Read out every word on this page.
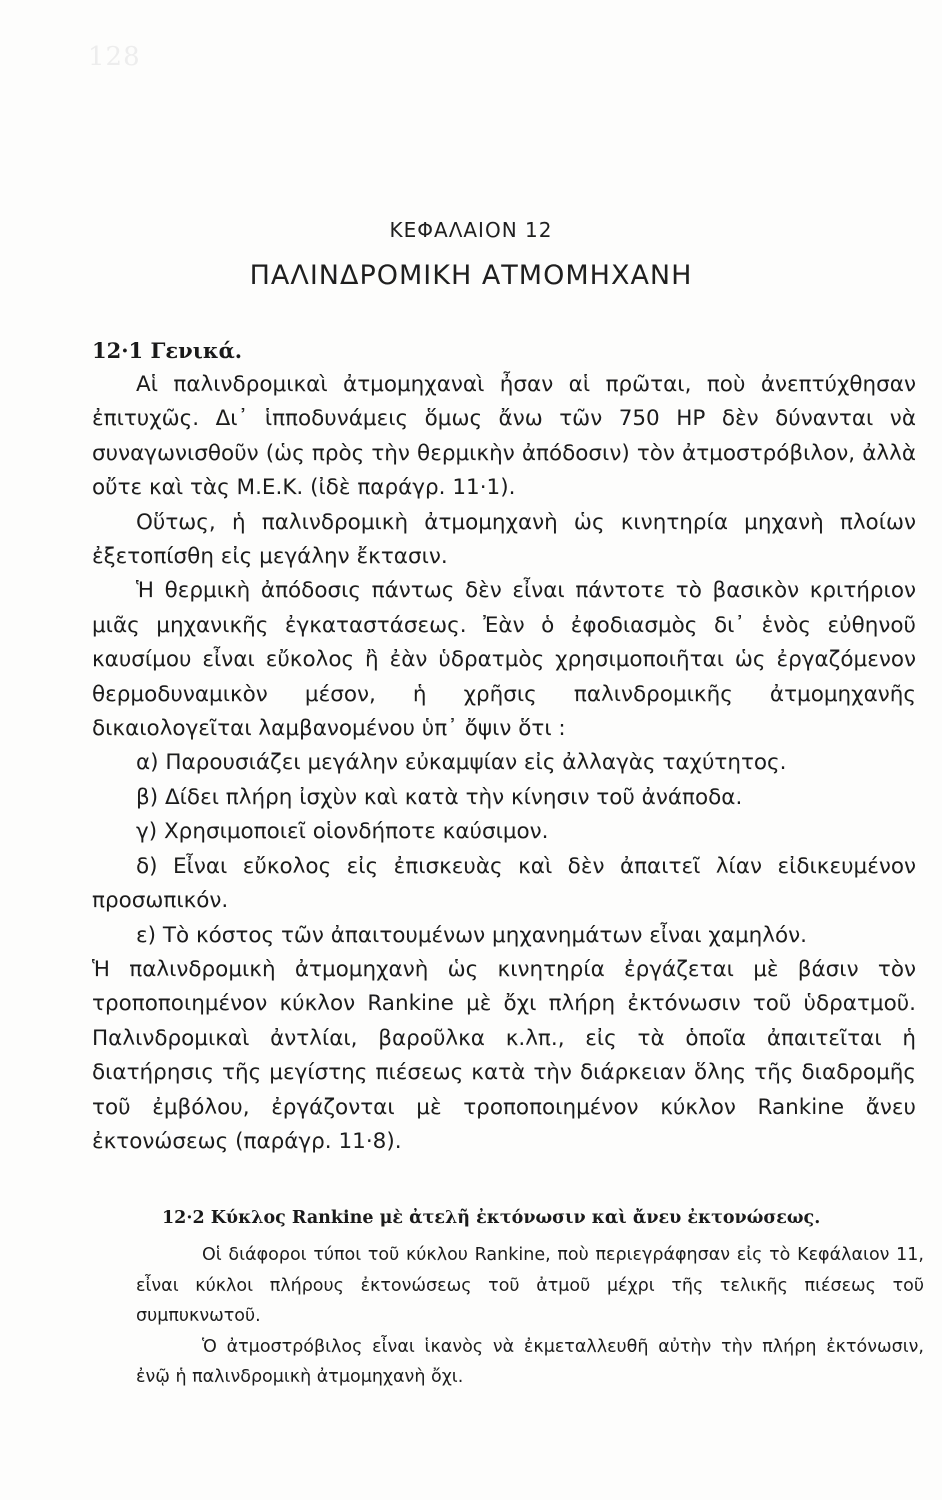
128
ΚΕΦΑΛΑΙΟΝ 12
ΠΑΛΙΝΔΡΟΜΙΚΗ ΑΤΜΟΜΗΧΑΝΗ
12·1 Γενικά.

Αἱ παλινδρομικαὶ ἀτμομηχαναὶ ἦσαν αἱ πρῶται, ποὺ ἀνεπτύχθησαν ἐπιτυχῶς. Δι᾽ ἱπποδυνάμεις ὅμως ἄνω τῶν 750 HP δὲν δύνανται νὰ συναγωνισθοῦν (ὡς πρὸς τὴν θερμικὴν ἀπόδοσιν) τὸν ἀτμοστρόβιλον, ἀλλὰ οὔτε καὶ τὰς Μ.Ε.Κ. (ἰδὲ παράγρ. 11·1).

Οὕτως, ἡ παλινδρομικὴ ἀτμομηχανὴ ὡς κινητηρία μηχανὴ πλοίων ἐξετοπίσθη εἰς μεγάλην ἔκτασιν.

Ἡ θερμικὴ ἀπόδοσις πάντως δὲν εἶναι πάντοτε τὸ βασικὸν κριτήριον μιᾶς μηχανικῆς ἐγκαταστάσεως. Ἐὰν ὁ ἐφοδιασμὸς δι᾽ ἑνὸς εὐθηνοῦ καυσίμου εἶναι εὔκολος ἢ ἐὰν ὑδρατμὸς χρησιμοποιῆται ὡς ἐργαζόμενον θερμοδυναμικὸν μέσον, ἡ χρῆσις παλινδρομικῆς ἀτμομηχανῆς δικαιολογεῖται λαμβανομένου ὑπ᾽ ὄψιν ὅτι :

α) Παρουσιάζει μεγάλην εὐκαμψίαν εἰς ἀλλαγὰς ταχύτητος.

β) Δίδει πλήρη ἰσχὺν καὶ κατὰ τὴν κίνησιν τοῦ ἀνάποδα.

γ) Χρησιμοποιεῖ οἱονδήποτε καύσιμον.

δ) Εἶναι εὔκολος εἰς ἐπισκευὰς καὶ δὲν ἀπαιτεῖ λίαν εἰδικευμένον προσωπικόν.

ε) Τὸ κόστος τῶν ἀπαιτουμένων μηχανημάτων εἶναι χαμηλόν.

Ἡ παλινδρομικὴ ἀτμομηχανὴ ὡς κινητηρία ἐργάζεται μὲ βάσιν τὸν τροποποιημένον κύκλον Rankine μὲ ὄχι πλήρη ἐκτόνωσιν τοῦ ὑδρατμοῦ. Παλινδρομικαὶ ἀντλίαι, βαροῦλκα κ.λπ., εἰς τὰ ὁποῖα ἀπαιτεῖται ἡ διατήρησις τῆς μεγίστης πιέσεως κατὰ τὴν διάρκειαν ὅλης τῆς διαδρομῆς τοῦ ἐμβόλου, ἐργάζονται μὲ τροποποιημένον κύκλον Rankine ἄνευ ἐκτονώσεως (παράγρ. 11·8).

12·2 Κύκλος Rankine μὲ ἀτελῆ ἐκτόνωσιν καὶ ἄνευ ἐκτονώσεως.

Οἱ διάφοροι τύποι τοῦ κύκλου Rankine, ποὺ περιεγράφησαν εἰς τὸ Κεφάλαιον 11, εἶναι κύκλοι πλήρους ἐκτονώσεως τοῦ ἀτμοῦ μέχρι τῆς τελικῆς πιέσεως τοῦ συμπυκνωτοῦ.

Ὁ ἀτμοστρόβιλος εἶναι ἱκανὸς νὰ ἐκμεταλλευθῆ αὐτὴν τὴν πλήρη ἐκτόνωσιν, ἐνῷ ἡ παλινδρομικὴ ἀτμομηχανὴ ὄχι.
